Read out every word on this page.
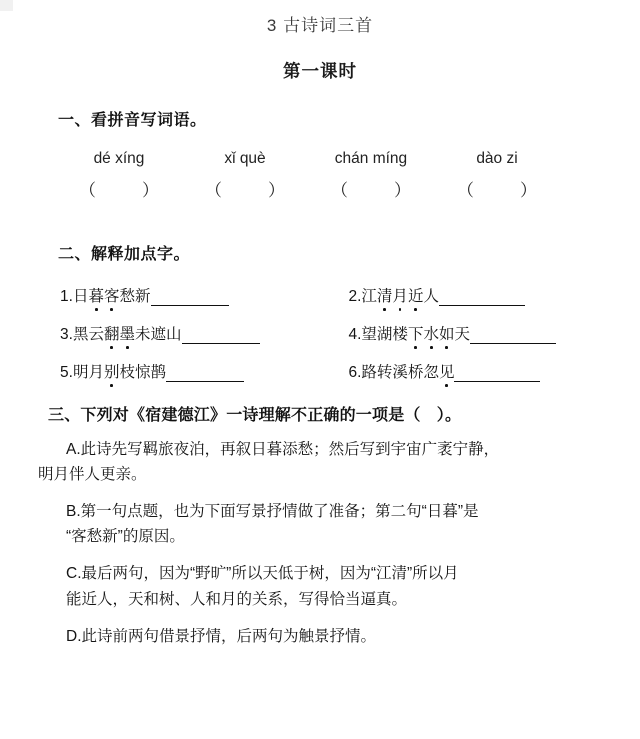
3 古诗词三首
第一课时
一、看拼音写词语。
dé xíng	xǐ què	chán míng	dào zi
（	）	（	）	（	）	（	）
二、解释加点字。
1. 日 暮 客 愁 新	2. 江 清 月 近 人
3. 黑 云 翻 墨 未 遮 山	4. 望 湖 楼 下 水 如 天
5. 明 月 别 枝 惊 鹊	6. 路 转 溪 桥 忽 见
三、下列对《宿建德江》一诗理解不正确的一项是（　）。
A.此诗先写羁旅夜泊，再叙日暮添愁；然后写到宇宙广袤宁静，
明月伴人更亲。
B.第一句点题，也为下面写景抒情做了准备；第二句“日暮”是
“客愁新”的原因。
C.最后两句，因为“野旷”所以天低于树，因为“江清”所以月
能近人，天和树、人和月的关系，写得恰当逼真。
D.此诗前两句借景抒情，后两句为触景抒情。
